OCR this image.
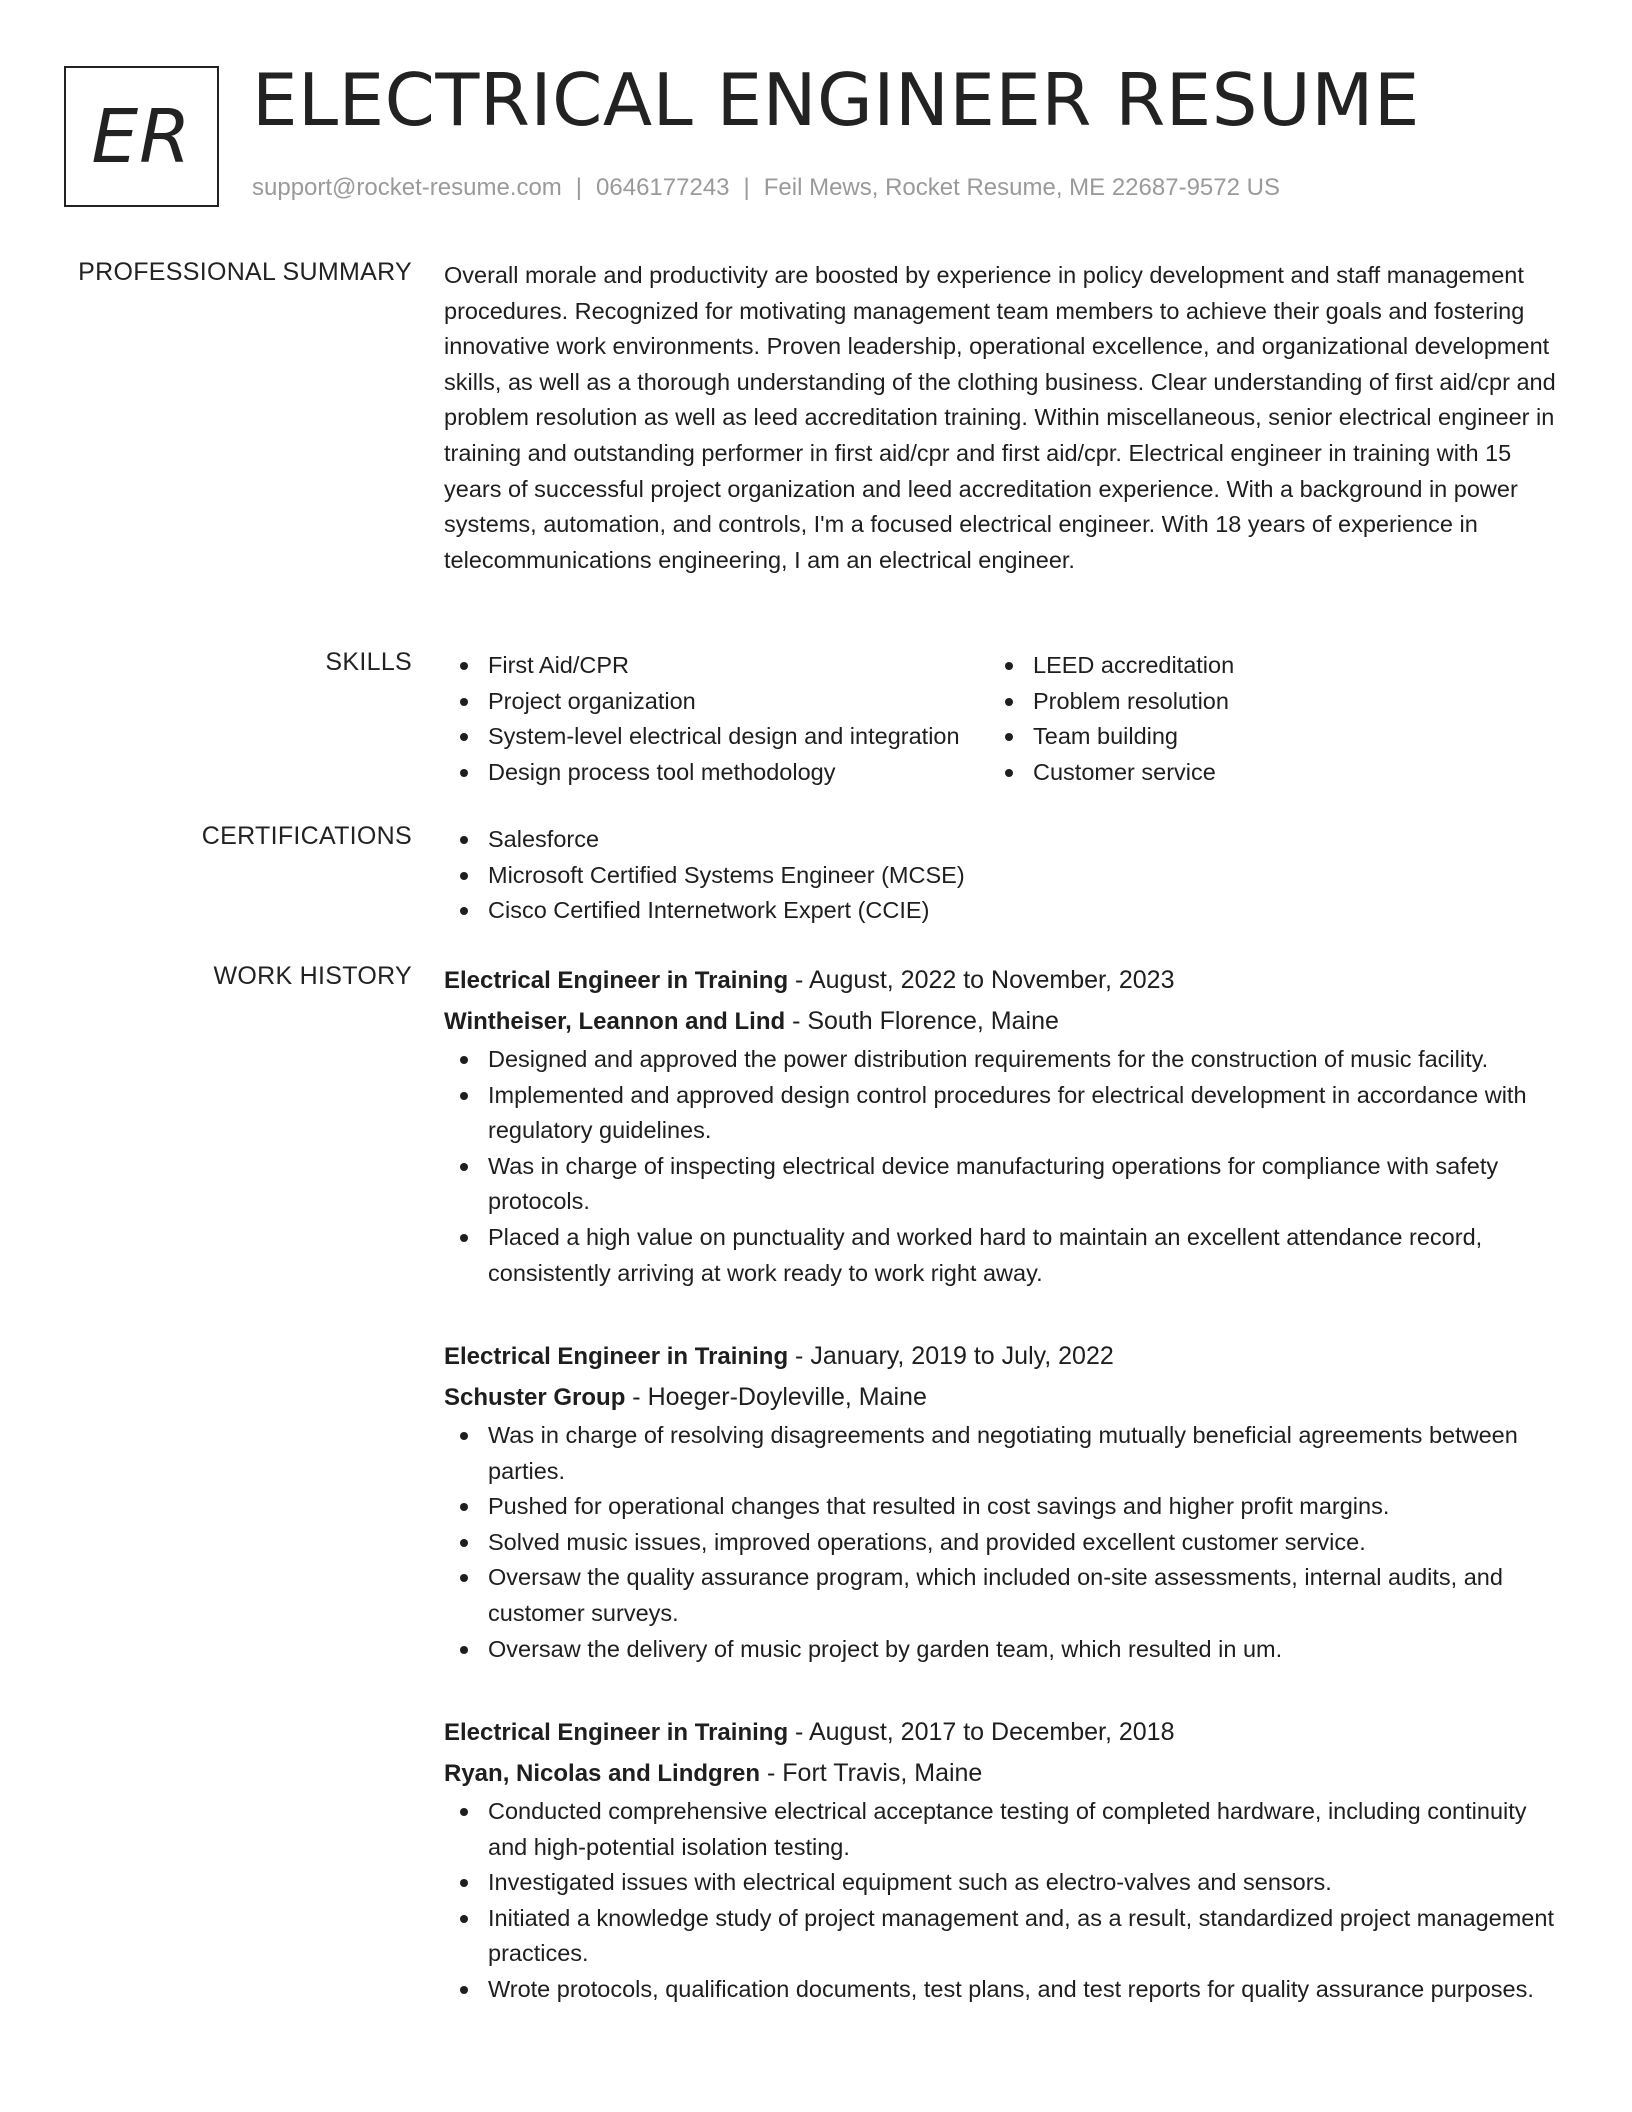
ER ELECTRICAL ENGINEER RESUME
support@rocket-resume.com | 0646177243 | Feil Mews, Rocket Resume, ME 22687-9572 US
PROFESSIONAL SUMMARY Overall morale and productivity are boosted by experience in policy development and staff management procedures. Recognized for motivating management team members to achieve their goals and fostering innovative work environments. Proven leadership, operational excellence, and organizational development skills, as well as a thorough understanding of the clothing business. Clear understanding of first aid/cpr and problem resolution as well as leed accreditation training. Within miscellaneous, senior electrical engineer in training and outstanding performer in first aid/cpr and first aid/cpr. Electrical engineer in training with 15 years of successful project organization and leed accreditation experience. With a background in power systems, automation, and controls, I'm a focused electrical engineer. With 18 years of experience in telecommunications engineering, I am an electrical engineer.

SKILLS	First Aid/CPR
Project organization
System-level electrical design and integration
Design process tool methodology
LEED accreditation
Problem resolution
Team building
Customer service
CERTIFICATIONS	Salesforce
Microsoft Certified Systems Engineer (MCSE)
Cisco Certified Internetwork Expert (CCIE)
WORK HISTORY Electrical Engineer in Training - August, 2022 to November, 2023
Wintheiser, Leannon and Lind - South Florence, Maine
Designed and approved the power distribution requirements for the construction of music facility.
Implemented and approved design control procedures for electrical development in accordance with regulatory guidelines.
Was in charge of inspecting electrical device manufacturing operations for compliance with safety protocols.
Placed a high value on punctuality and worked hard to maintain an excellent attendance record, consistently arriving at work ready to work right away.
Electrical Engineer in Training - January, 2019 to July, 2022
Schuster Group - Hoeger-Doyleville, Maine
Was in charge of resolving disagreements and negotiating mutually beneficial agreements between parties.
Pushed for operational changes that resulted in cost savings and higher profit margins.
Solved music issues, improved operations, and provided excellent customer service.
Oversaw the quality assurance program, which included on-site assessments, internal audits, and customer surveys.
Oversaw the delivery of music project by garden team, which resulted in um.
Electrical Engineer in Training - August, 2017 to December, 2018
Ryan, Nicolas and Lindgren - Fort Travis, Maine
Conducted comprehensive electrical acceptance testing of completed hardware, including continuity and high-potential isolation testing.
Investigated issues with electrical equipment such as electro-valves and sensors.
Initiated a knowledge study of project management and, as a result, standardized project management practices.
Wrote protocols, qualification documents, test plans, and test reports for quality assurance purposes.
